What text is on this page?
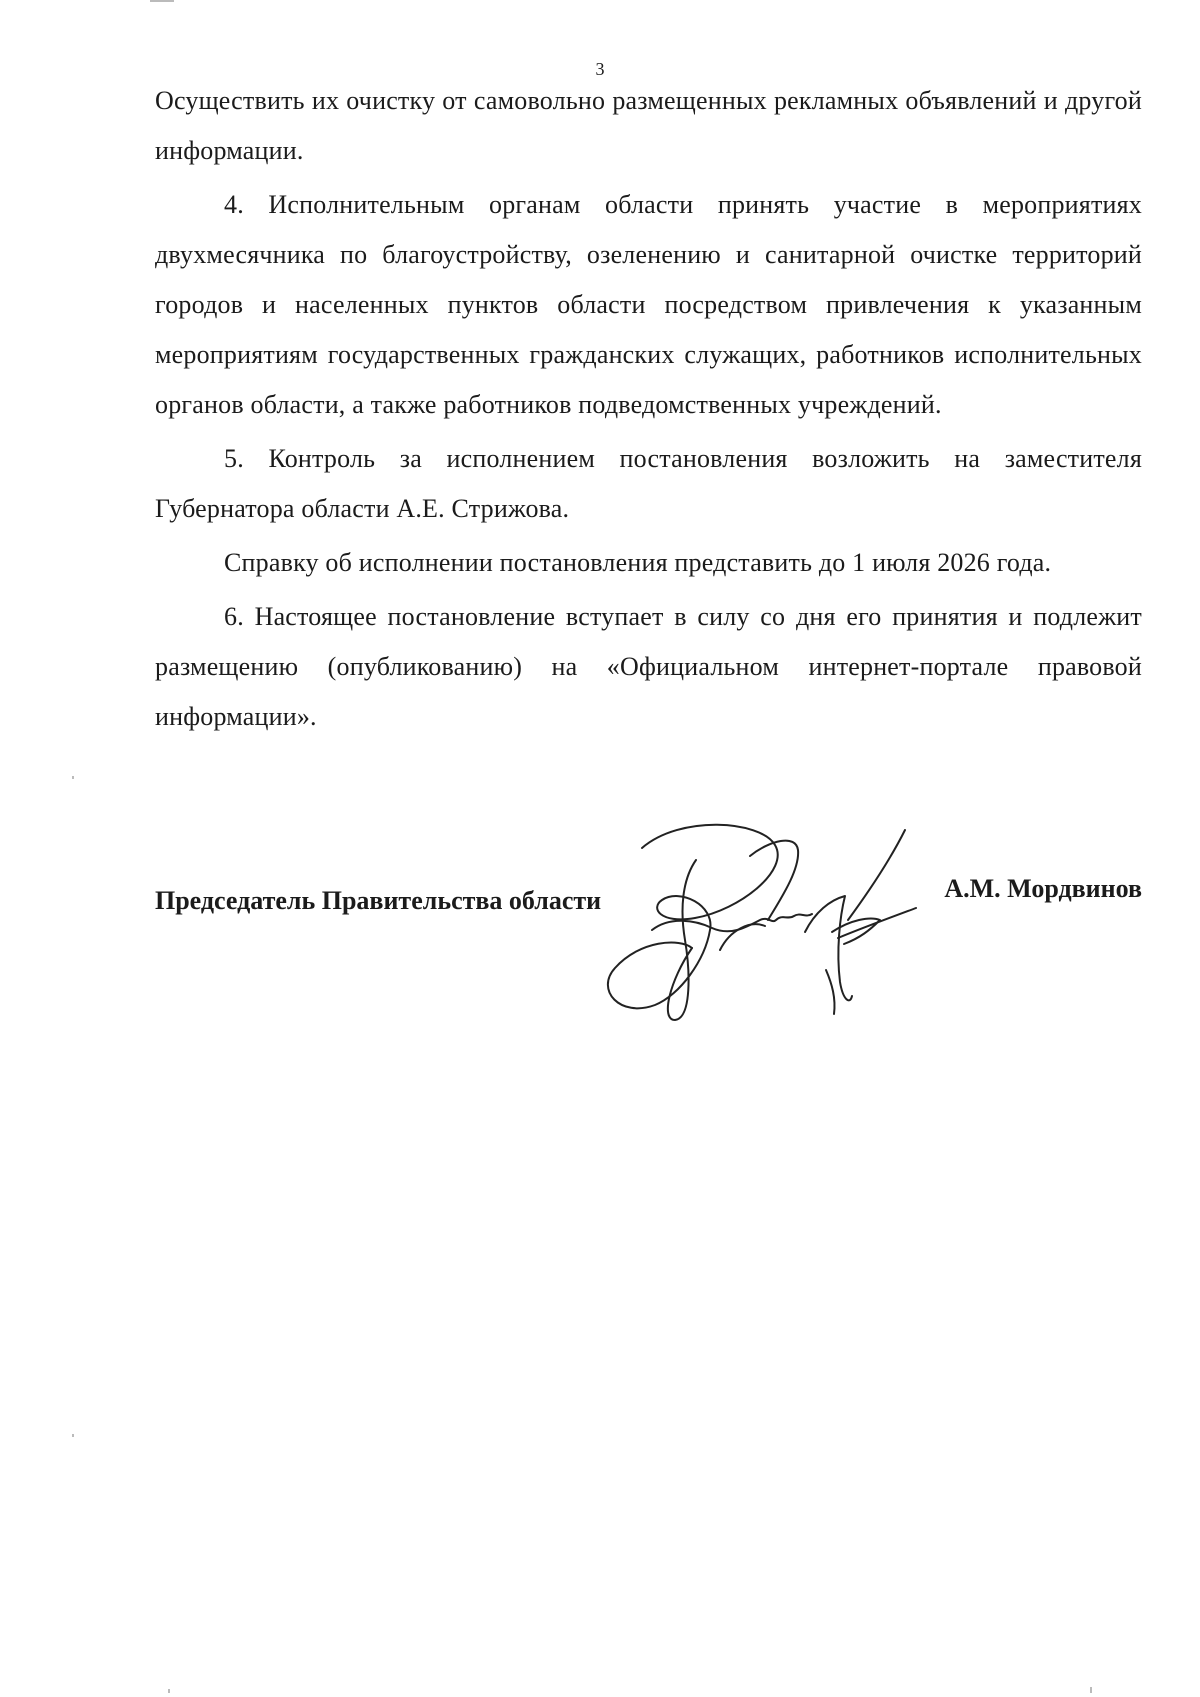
3

Осуществить их очистку от самовольно размещенных рекламных объявлений и другой информации.

4. Исполнительным органам области принять участие в мероприятиях двухмесячника по благоустройству, озеленению и санитарной очистке территорий городов и населенных пунктов области посредством привлечения к указанным мероприятиям государственных гражданских служащих, работников исполнительных органов области, а также работников подведомственных учреждений.

5. Контроль за исполнением постановления возложить на заместителя Губернатора области А.Е. Стрижова.

Справку об исполнении постановления представить до 1 июля 2026 года.

6. Настоящее постановление вступает в силу со дня его принятия и подлежит размещению (опубликованию) на «Официальном интернет-портале правовой информации».

Председатель Правительства области	А.М. Мордвинов
